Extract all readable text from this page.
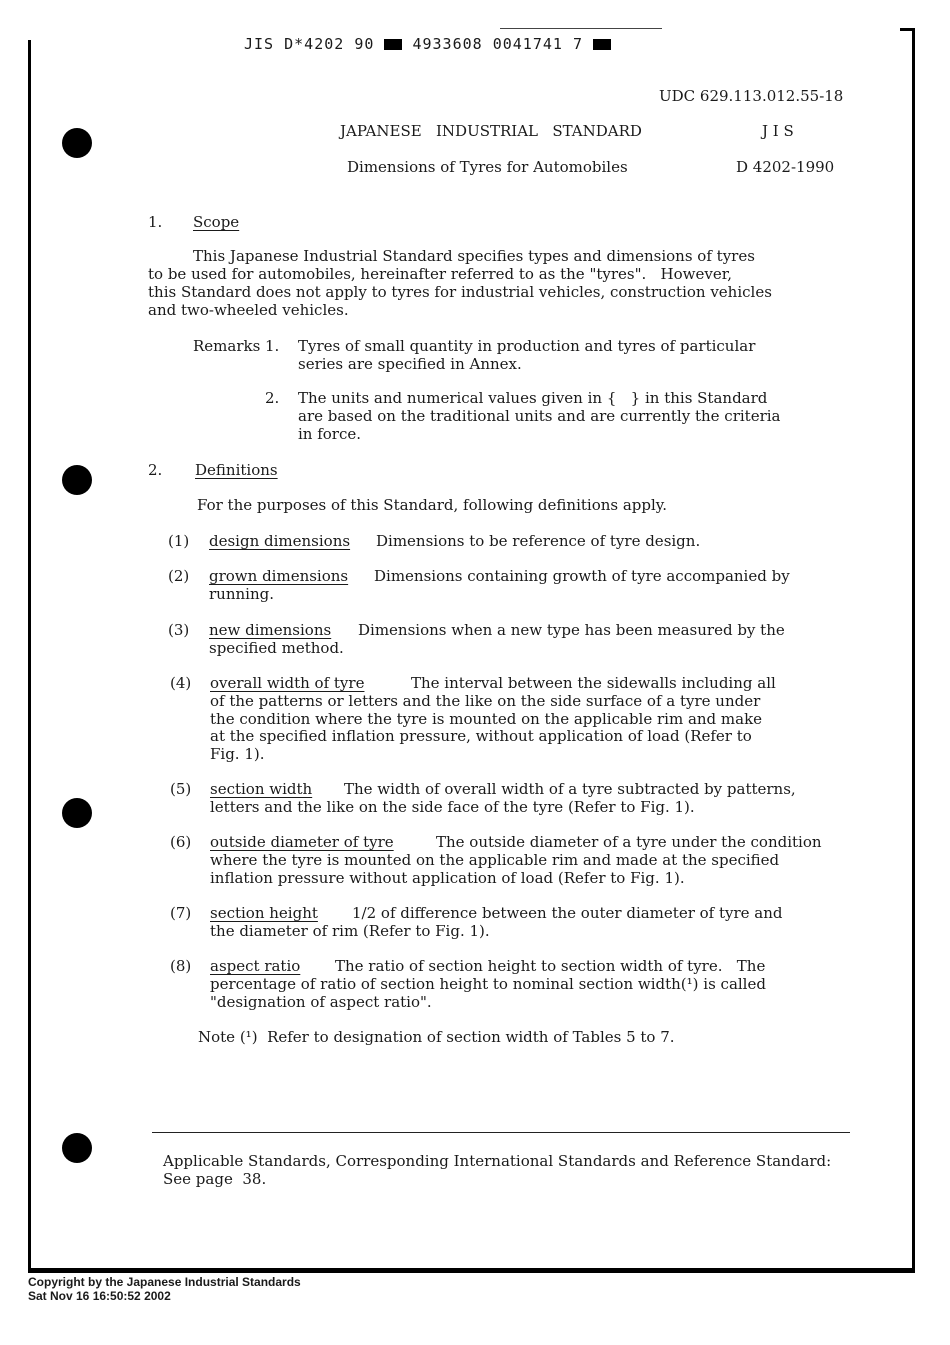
JIS D*4202 90	4933608 0041741 7
UDC 629.113.012.55-18
JAPANESE   INDUSTRIAL   STANDARD	J I S
Dimensions of Tyres for Automobiles	D 4202-1990
1. Scope
This Japanese Industrial Standard specifies types and dimensions of tyres
to be used for automobiles, hereinafter referred to as the "tyres".   However,
this Standard does not apply to tyres for industrial vehicles, construction vehicles
and two-wheeled vehicles.
Remarks 1. Tyres of small quantity in production and tyres of particular
series are specified in Annex.
2. The units and numerical values given in {   } in this Standard
are based on the traditional units and are currently the criteria
in force.
2. Definitions
For the purposes of this Standard, following definitions apply.
(1) design dimensions Dimensions to be reference of tyre design.
(2) grown dimensions Dimensions containing growth of tyre accompanied by
running.
(3) new dimensions Dimensions when a new type has been measured by the
specified method.
(4) overall width of tyre	The interval between the sidewalls including all
of the patterns or letters and the like on the side surface of a tyre under
the condition where the tyre is mounted on the applicable rim and make
at the specified inflation pressure, without application of load (Refer to
Fig. 1).
(5) section width The width of overall width of a tyre subtracted by patterns,
letters and the like on the side face of the tyre (Refer to Fig. 1).
(6) outside diameter of tyre	The outside diameter of a tyre under the condition
where the tyre is mounted on the applicable rim and made at the specified
inflation pressure without application of load (Refer to Fig. 1).
(7) section height 1/2 of difference between the outer diameter of tyre and
the diameter of rim (Refer to Fig. 1).
(8) aspect ratio The ratio of section height to section width of tyre.   The
percentage of ratio of section height to nominal section width(¹) is called
"designation of aspect ratio".
Note (¹)  Refer to designation of section width of Tables 5 to 7.
Applicable Standards, Corresponding International Standards and Reference Standard:
See page  38.
Copyright by the Japanese Industrial Standards
Sat Nov 16 16:50:52 2002
